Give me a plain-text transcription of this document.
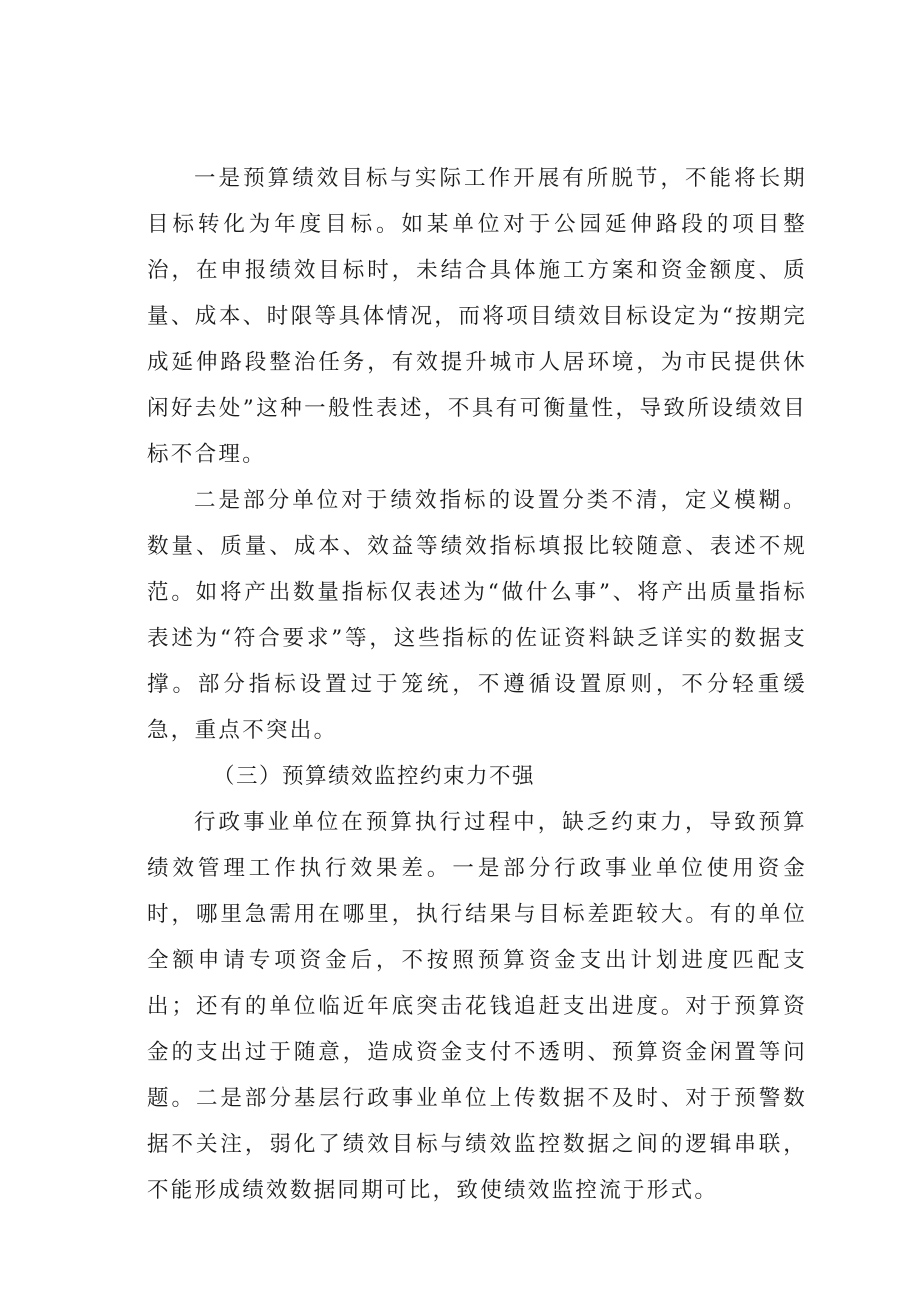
一是预算绩效目标与实际工作开展有所脱节，不能将长期目标转化为年度目标。如某单位对于公园延伸路段的项目整治，在申报绩效目标时，未结合具体施工方案和资金额度、质量、成本、时限等具体情况，而将项目绩效目标设定为“按期完成延伸路段整治任务，有效提升城市人居环境，为市民提供休闲好去处”这种一般性表述，不具有可衡量性，导致所设绩效目标不合理。

二是部分单位对于绩效指标的设置分类不清，定义模糊。数量、质量、成本、效益等绩效指标填报比较随意、表述不规范。如将产出数量指标仅表述为“做什么事”、将产出质量指标表述为“符合要求”等，这些指标的佐证资料缺乏详实的数据支撑。部分指标设置过于笼统，不遵循设置原则，不分轻重缓急，重点不突出。

（三）预算绩效监控约束力不强

行政事业单位在预算执行过程中，缺乏约束力，导致预算绩效管理工作执行效果差。一是部分行政事业单位使用资金时，哪里急需用在哪里，执行结果与目标差距较大。有的单位全额申请专项资金后，不按照预算资金支出计划进度匹配支出；还有的单位临近年底突击花钱追赶支出进度。对于预算资金的支出过于随意，造成资金支付不透明、预算资金闲置等问题。二是部分基层行政事业单位上传数据不及时、对于预警数据不关注，弱化了绩效目标与绩效监控数据之间的逻辑串联，不能形成绩效数据同期可比，致使绩效监控流于形式。
